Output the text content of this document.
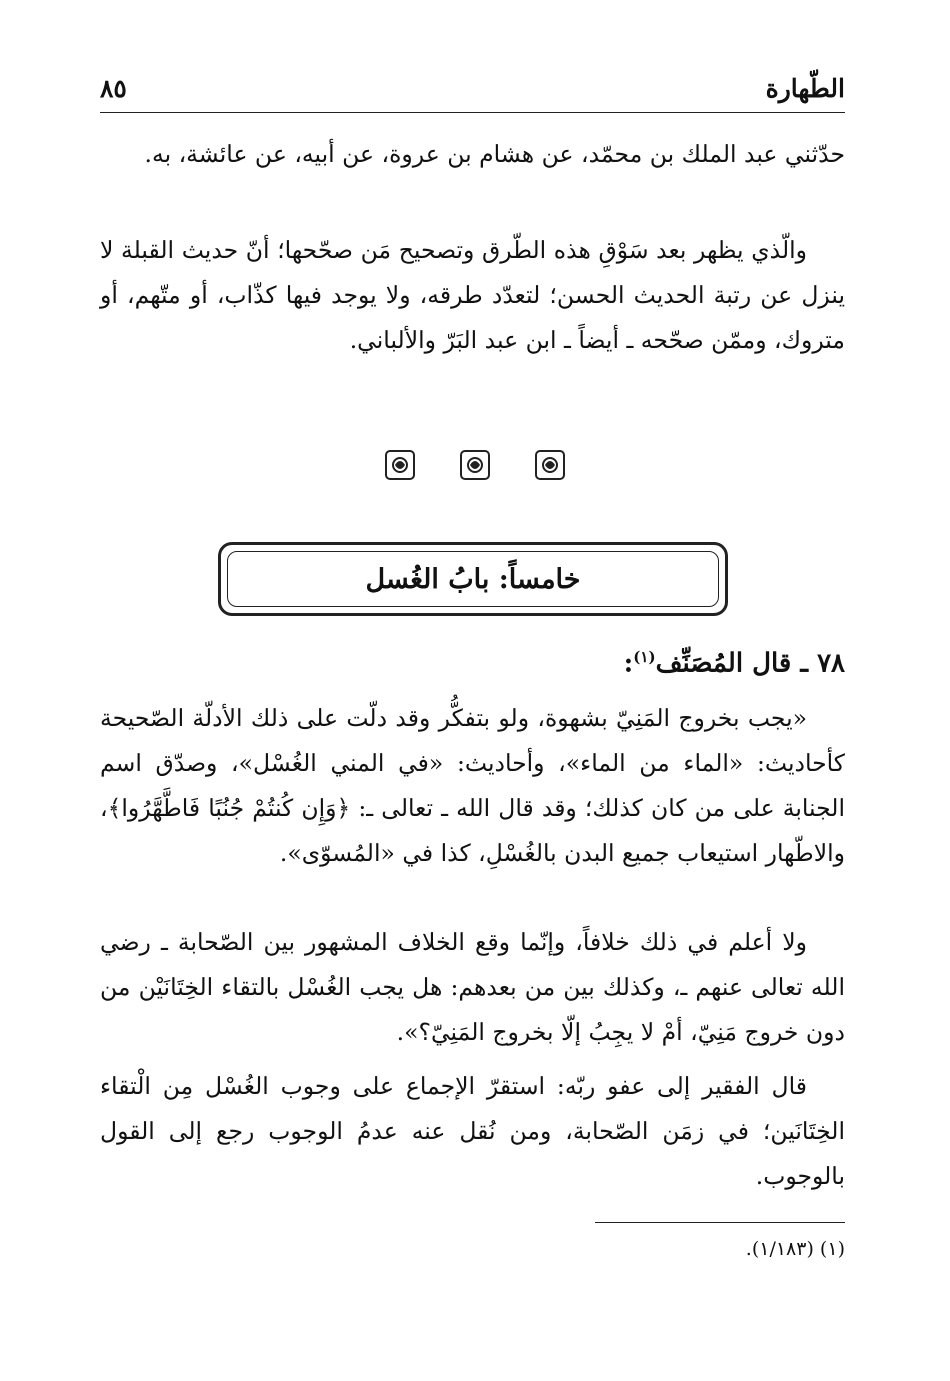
الطّهارة
٨٥

حدّثني عبد الملك بن محمّد، عن هشام بن عروة، عن أبيه، عن عائشة، به.

والّذي يظهر بعد سَوْقِ هذه الطّرق وتصحيح مَن صحّحها؛ أنّ حديث القبلة لا ينزل عن رتبة الحديث الحسن؛ لتعدّد طرقه، ولا يوجد فيها كذّاب، أو متّهم، أو متروك، وممّن صحّحه ـ أيضاً ـ ابن عبد البَرّ والألباني.

خامساً: بابُ الغُسل
٧٨ ـ قال المُصَنِّف$^{(١)}$:

«يجب بخروج المَنِيّ بشهوة، ولو بتفكُّر وقد دلّت على ذلك الأدلّة الصّحيحة كأحاديث: «الماء من الماء»، وأحاديث: «في المني الغُسْل»، وصدّق اسم الجنابة على من كان كذلك؛ وقد قال الله ـ تعالى ـ: ﴿وَإِن كُنتُمْ جُنُبًا فَاطَّهَّرُوا﴾، والاطّهار استيعاب جميع البدن بالغُسْلِ، كذا في «المُسوّى».

ولا أعلم في ذلك خلافاً، وإنّما وقع الخلاف المشهور بين الصّحابة ـ رضي الله تعالى عنهم ـ، وكذلك بين من بعدهم: هل يجب الغُسْل بالتقاء الخِتَانَيْن من دون خروج مَنِيّ، أمْ لا يجِبُ إلّا بخروج المَنِيّ؟».

قال الفقير إلى عفو ربّه: استقرّ الإجماع على وجوب الغُسْل مِن الْتقاء الخِتَانَين؛ في زمَن الصّحابة، ومن نُقل عنه عدمُ الوجوب رجع إلى القول بالوجوب.

(١) (١/١٨٣).
